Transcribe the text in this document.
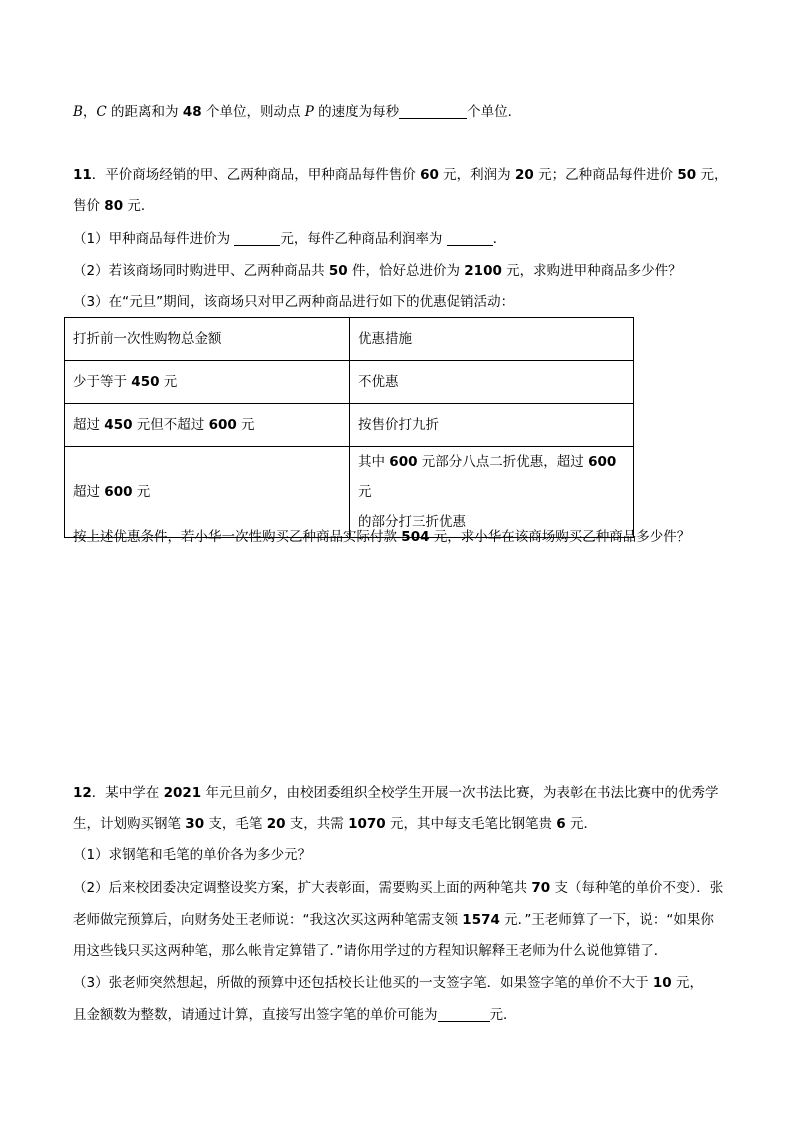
B，C 的距离和为 48 个单位，则动点 P 的速度为每秒	个单位．
11．平价商场经销的甲、乙两种商品，甲种商品每件售价 60 元，利润为 20 元；乙种商品每件进价 50 元，
售价 80 元．
（1）甲种商品每件进价为	元，每件乙种商品利润率为	．
（2）若该商场同时购进甲、乙两种商品共 50 件，恰好总进价为 2100 元，求购进甲种商品多少件？
（3）在“元旦”期间，该商场只对甲乙两种商品进行如下的优惠促销活动：
打折前一次性购物总金额	优惠措施
少于等于 450 元	不优惠
超过 450 元但不超过 600 元	按售价打九折
超过 600 元	其中 600 元部分八点二折优惠，超过 600 元
的部分打三折优惠
按上述优惠条件，若小华一次性购买乙种商品实际付款 504 元，求小华在该商场购买乙种商品多少件？
12．某中学在 2021 年元旦前夕，由校团委组织全校学生开展一次书法比赛，为表彰在书法比赛中的优秀学
生，计划购买钢笔 30 支，毛笔 20 支，共需 1070 元，其中每支毛笔比钢笔贵 6 元．
（1）求钢笔和毛笔的单价各为多少元？
（2）后来校团委决定调整设奖方案，扩大表彰面，需要购买上面的两种笔共 70 支（每种笔的单价不变）．张
老师做完预算后，向财务处王老师说：“我这次买这两种笔需支领 1574 元．”王老师算了一下，说：“如果你
用这些钱只买这两种笔，那么帐肯定算错了．”请你用学过的方程知识解释王老师为什么说他算错了．
（3）张老师突然想起，所做的预算中还包括校长让他买的一支签字笔．如果签字笔的单价不大于 10 元，
且金额数为整数，请通过计算，直接写出签字笔的单价可能为	元．
